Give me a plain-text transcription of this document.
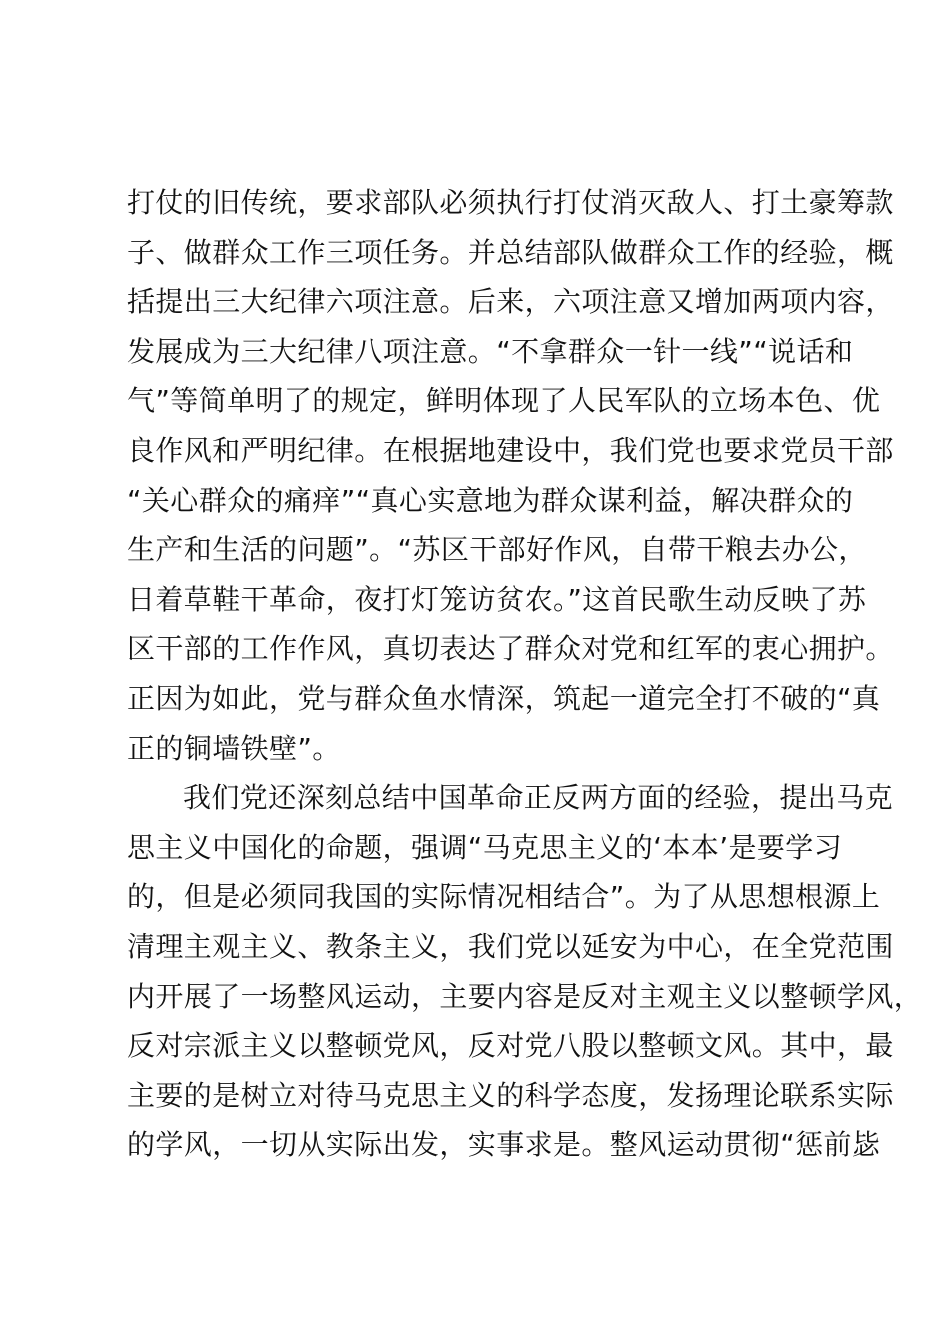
打仗的旧传统，要求部队必须执行打仗消灭敌人、打土豪筹款
子、做群众工作三项任务。并总结部队做群众工作的经验，概
括提出三大纪律六项注意。后来，六项注意又增加两项内容，
发展成为三大纪律八项注意。“不拿群众一针一线”“说话和
气”等简单明了的规定，鲜明体现了人民军队的立场本色、优
良作风和严明纪律。在根据地建设中，我们党也要求党员干部
“关心群众的痛痒”“真心实意地为群众谋利益，解决群众的
生产和生活的问题”。“苏区干部好作风，自带干粮去办公，
日着草鞋干革命，夜打灯笼访贫农。”这首民歌生动反映了苏
区干部的工作作风，真切表达了群众对党和红军的衷心拥护。
正因为如此，党与群众鱼水情深，筑起一道完全打不破的“真
正的铜墙铁壁”。
我们党还深刻总结中国革命正反两方面的经验，提出马克
思主义中国化的命题，强调“马克思主义的‘本本’是要学习
的，但是必须同我国的实际情况相结合”。为了从思想根源上
清理主观主义、教条主义，我们党以延安为中心，在全党范围
内开展了一场整风运动，主要内容是反对主观主义以整顿学风，
反对宗派主义以整顿党风，反对党八股以整顿文风。其中，最
主要的是树立对待马克思主义的科学态度，发扬理论联系实际
的学风，一切从实际出发，实事求是。整风运动贯彻“惩前毖
